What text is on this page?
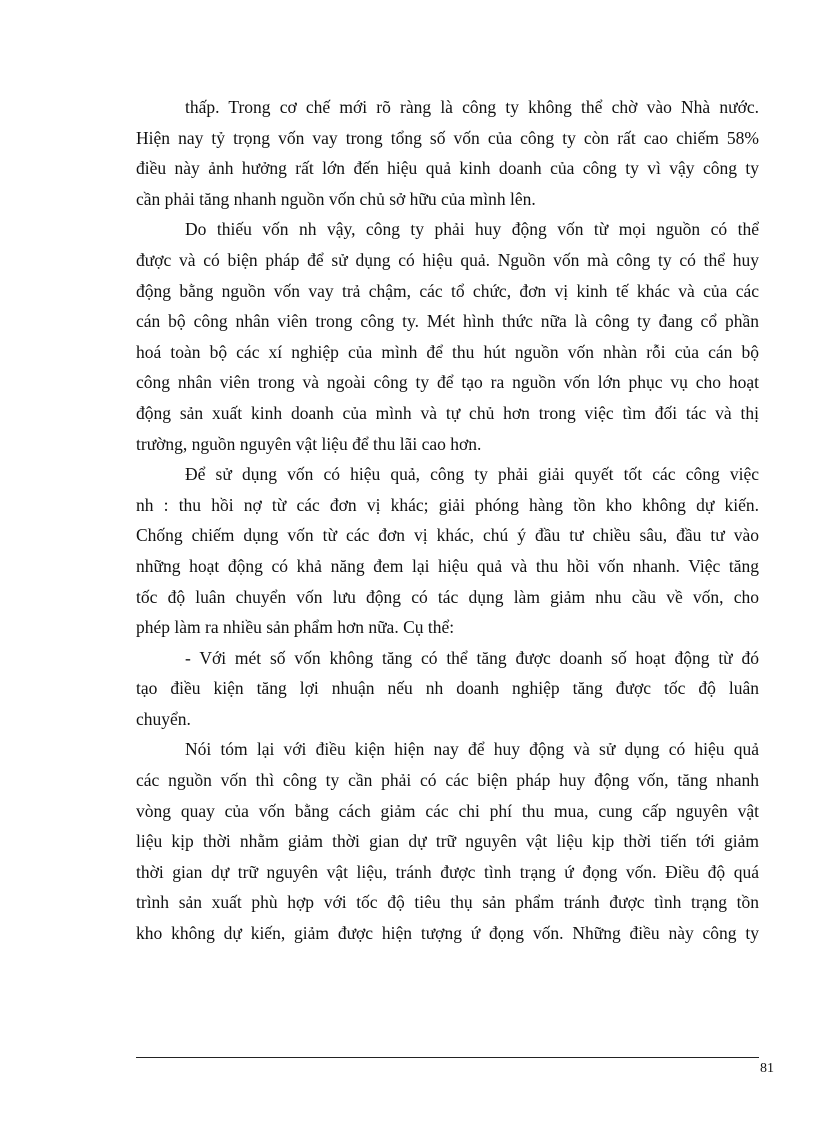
thấp. Trong cơ chế mới rõ ràng là công ty không thể chờ vào Nhà nước.
Hiện nay tỷ trọng vốn vay trong tổng số vốn của công ty còn rất cao chiếm 58%
điều này ảnh hưởng rất lớn đến hiệu quả kinh doanh của công ty vì vậy công ty
cần phải tăng nhanh nguồn vốn chủ sở hữu của mình lên.
Do thiếu vốn nh vậy, công ty phải huy động vốn từ mọi nguồn có thể
được và có biện pháp để sử dụng có hiệu quả. Nguồn vốn mà công ty có thể huy
động bằng nguồn vốn vay trả chậm, các tổ chức, đơn vị kinh tế khác và của các
cán bộ công nhân viên trong công ty. Mét hình thức nữa là công ty đang cổ phần
hoá toàn bộ các xí nghiệp của mình để thu hút nguồn vốn nhàn rỗi của cán bộ
công nhân viên trong và ngoài công ty để tạo ra nguồn vốn lớn phục vụ cho hoạt
động sản xuất kinh doanh của mình và tự chủ hơn trong việc tìm đối tác và thị
trường, nguồn nguyên vật liệu để thu lãi cao hơn.
Để sử dụng vốn có hiệu quả, công ty phải giải quyết tốt các công việc
nh : thu hồi nợ từ các đơn vị khác; giải phóng hàng tồn kho không dự kiến.
Chống chiếm dụng vốn từ các đơn vị khác, chú ý đầu tư chiều sâu, đầu tư vào
những hoạt động có khả năng đem lại hiệu quả và thu hồi vốn nhanh. Việc tăng
tốc độ luân chuyển vốn lưu động có tác dụng làm giảm nhu cầu về vốn, cho
phép làm ra nhiều sản phẩm hơn nữa. Cụ thể:
- Với mét số vốn không tăng có thể tăng được doanh số hoạt động từ đó
tạo điều kiện tăng lợi nhuận nếu nh doanh nghiệp tăng được tốc độ luân
chuyển.
Nói tóm lại với điều kiện hiện nay để huy động và sử dụng có hiệu quả
các nguồn vốn thì công ty cần phải có các biện pháp huy động vốn, tăng nhanh
vòng quay của vốn bằng cách giảm các chi phí thu mua, cung cấp nguyên vật
liệu kịp thời nhằm giảm thời gian dự trữ nguyên vật liệu kịp thời tiến tới giảm
thời gian dự trữ nguyên vật liệu, tránh được tình trạng ứ đọng vốn. Điều độ quá
trình sản xuất phù hợp với tốc độ tiêu thụ sản phẩm tránh được tình trạng tồn
kho không dự kiến, giảm được hiện tượng ứ đọng vốn. Những điều này công ty
81
